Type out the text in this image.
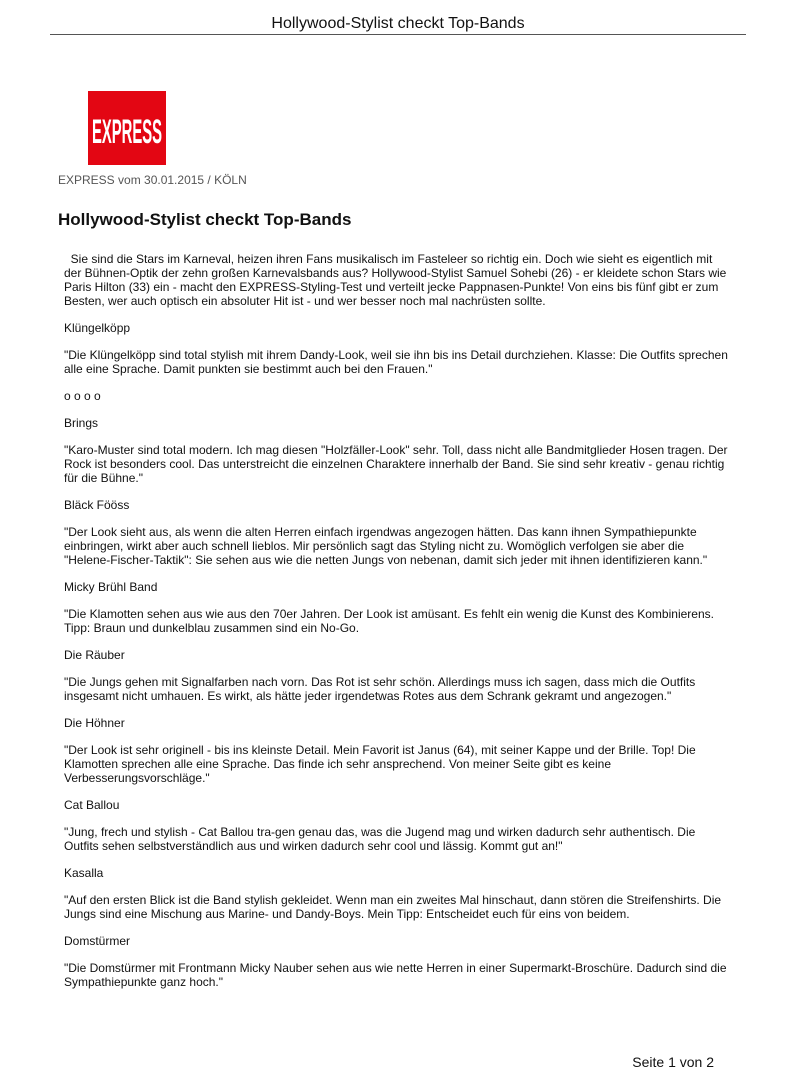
Hollywood-Stylist checkt Top-Bands
EXPRESS
EXPRESS vom 30.01.2015 / KÖLN
Hollywood-Stylist checkt Top-Bands

Sie sind die Stars im Karneval, heizen ihren Fans musikalisch im Fasteleer so richtig ein. Doch wie sieht es eigentlich mit der Bühnen-Optik der zehn großen Karnevalsbands aus? Hollywood-Stylist Samuel Sohebi (26) - er kleidete schon Stars wie Paris Hilton (33) ein - macht den EXPRESS-Styling-Test und verteilt jecke Pappnasen-Punkte! Von eins bis fünf gibt er zum Besten, wer auch optisch ein absoluter Hit ist - und wer besser noch mal nachrüsten sollte.

Klüngelköpp

"Die Klüngelköpp sind total stylish mit ihrem Dandy-Look, weil sie ihn bis ins Detail durchziehen. Klasse: Die Outfits sprechen alle eine Sprache. Damit punkten sie bestimmt auch bei den Frauen."

o o o o

Brings

"Karo-Muster sind total modern. Ich mag diesen "Holzfäller-Look" sehr. Toll, dass nicht alle Bandmitglieder Hosen tragen. Der Rock ist besonders cool. Das unterstreicht die einzelnen Charaktere innerhalb der Band. Sie sind sehr kreativ - genau richtig für die Bühne."

Bläck Fööss

"Der Look sieht aus, als wenn die alten Herren einfach irgendwas angezogen hätten. Das kann ihnen Sympathiepunkte einbringen, wirkt aber auch schnell lieblos. Mir persönlich sagt das Styling nicht zu. Womöglich verfolgen sie aber die "Helene-Fischer-Taktik": Sie sehen aus wie die netten Jungs von nebenan, damit sich jeder mit ihnen identifizieren kann."

Micky Brühl Band

"Die Klamotten sehen aus wie aus den 70er Jahren. Der Look ist amüsant. Es fehlt ein wenig die Kunst des Kombinierens. Tipp: Braun und dunkelblau zusammen sind ein No-Go.

Die Räuber

"Die Jungs gehen mit Signalfarben nach vorn. Das Rot ist sehr schön. Allerdings muss ich sagen, dass mich die Outfits insgesamt nicht umhauen. Es wirkt, als hätte jeder irgendetwas Rotes aus dem Schrank gekramt und angezogen."

Die Höhner

"Der Look ist sehr originell - bis ins kleinste Detail. Mein Favorit ist Janus (64), mit seiner Kappe und der Brille. Top! Die Klamotten sprechen alle eine Sprache. Das finde ich sehr ansprechend. Von meiner Seite gibt es keine Verbesserungsvorschläge."

Cat Ballou

"Jung, frech und stylish - Cat Ballou tra-gen genau das, was die Jugend mag und wirken dadurch sehr authentisch. Die Outfits sehen selbstverständlich aus und wirken dadurch sehr cool und lässig. Kommt gut an!"

Kasalla

"Auf den ersten Blick ist die Band stylish gekleidet. Wenn man ein zweites Mal hinschaut, dann stören die Streifenshirts. Die Jungs sind eine Mischung aus Marine- und Dandy-Boys. Mein Tipp: Entscheidet euch für eins von beidem.

Domstürmer

"Die Domstürmer mit Frontmann Micky Nauber sehen aus wie nette Herren in einer Supermarkt-Broschüre. Dadurch sind die Sympathiepunkte ganz hoch."

Seite 1 von 2
